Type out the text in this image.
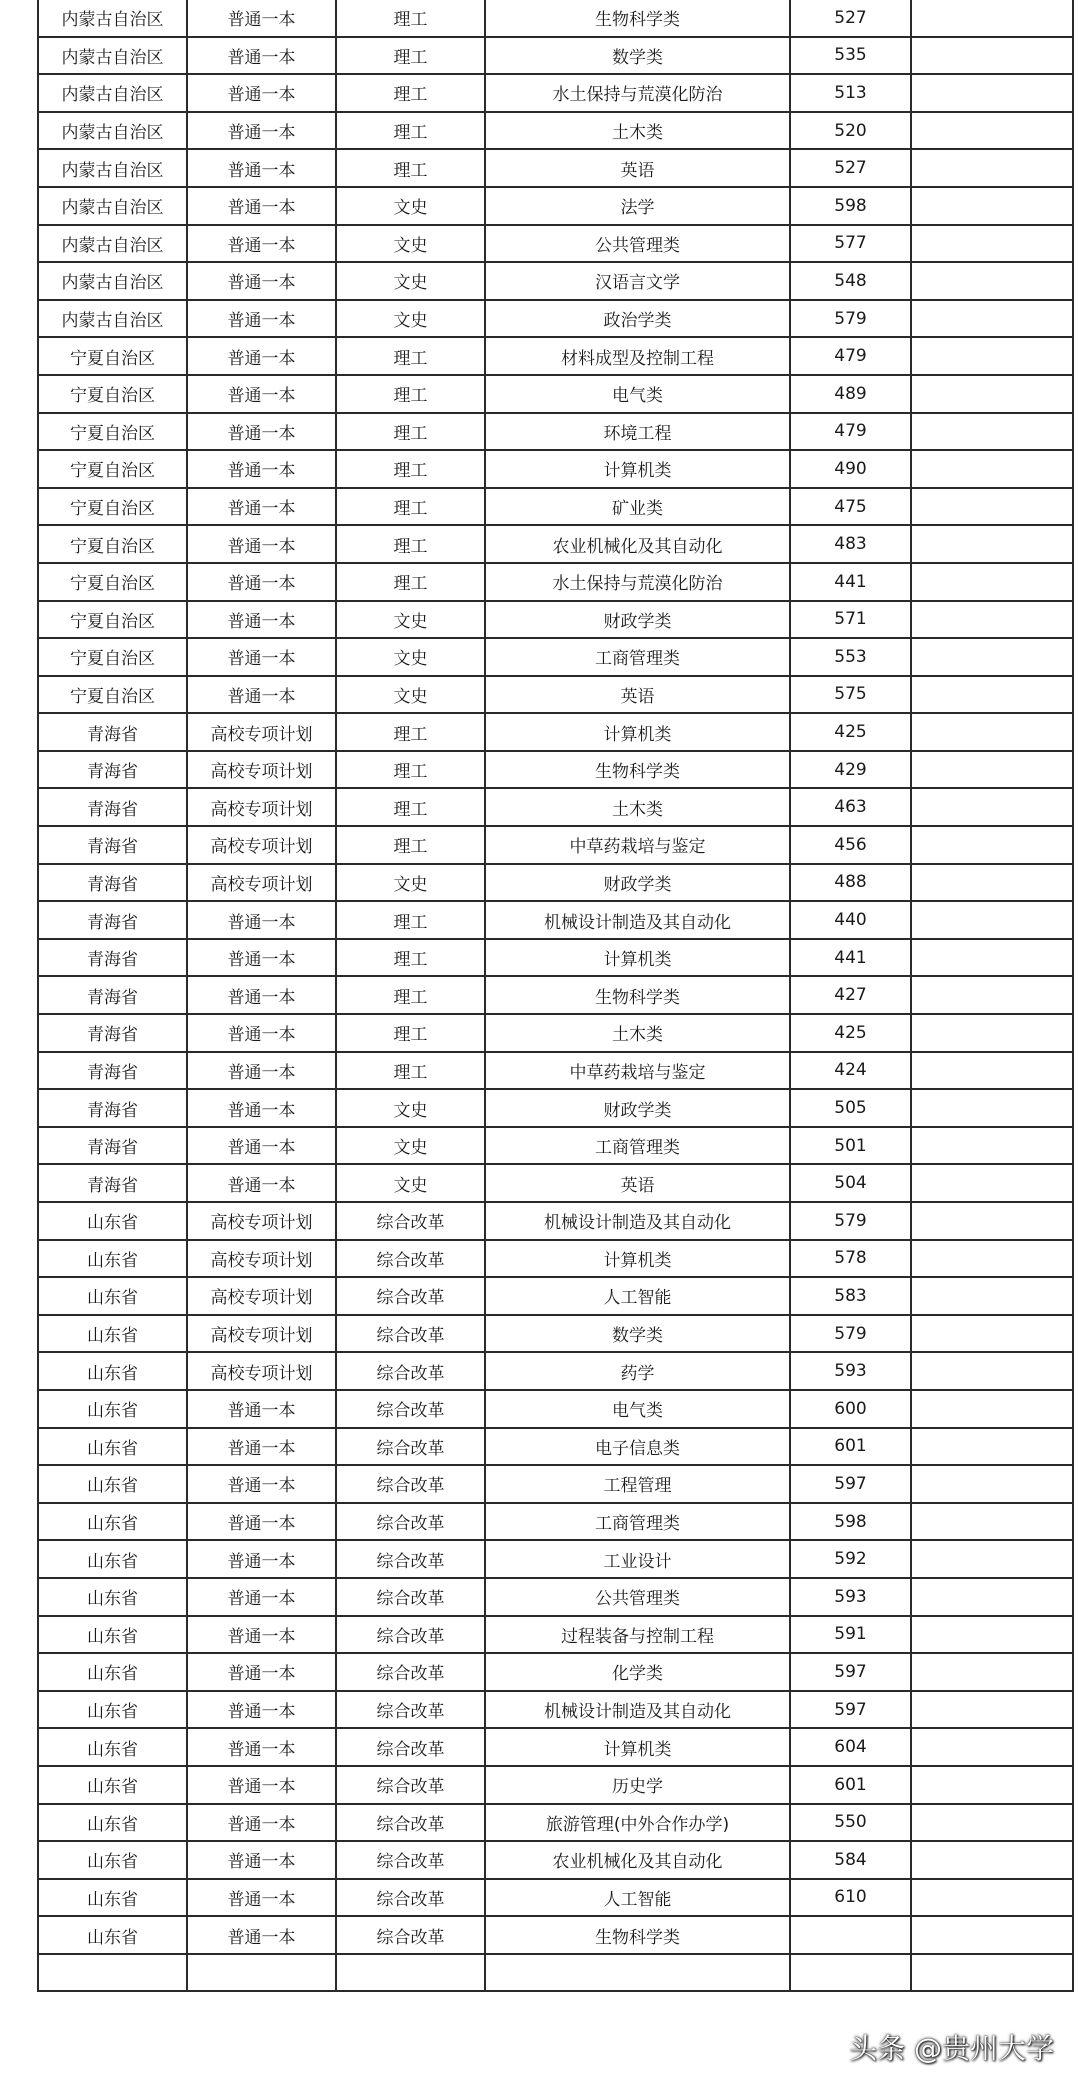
内蒙古自治区	普通一本	理工	生物科学类	527	
内蒙古自治区	普通一本	理工	数学类	535	
内蒙古自治区	普通一本	理工	水土保持与荒漠化防治	513	
内蒙古自治区	普通一本	理工	土木类	520	
内蒙古自治区	普通一本	理工	英语	527	
内蒙古自治区	普通一本	文史	法学	598	
内蒙古自治区	普通一本	文史	公共管理类	577	
内蒙古自治区	普通一本	文史	汉语言文学	548	
内蒙古自治区	普通一本	文史	政治学类	579	
宁夏自治区	普通一本	理工	材料成型及控制工程	479	
宁夏自治区	普通一本	理工	电气类	489	
宁夏自治区	普通一本	理工	环境工程	479	
宁夏自治区	普通一本	理工	计算机类	490	
宁夏自治区	普通一本	理工	矿业类	475	
宁夏自治区	普通一本	理工	农业机械化及其自动化	483	
宁夏自治区	普通一本	理工	水土保持与荒漠化防治	441	
宁夏自治区	普通一本	文史	财政学类	571	
宁夏自治区	普通一本	文史	工商管理类	553	
宁夏自治区	普通一本	文史	英语	575	
青海省	高校专项计划	理工	计算机类	425	
青海省	高校专项计划	理工	生物科学类	429	
青海省	高校专项计划	理工	土木类	463	
青海省	高校专项计划	理工	中草药栽培与鉴定	456	
青海省	高校专项计划	文史	财政学类	488	
青海省	普通一本	理工	机械设计制造及其自动化	440	
青海省	普通一本	理工	计算机类	441	
青海省	普通一本	理工	生物科学类	427	
青海省	普通一本	理工	土木类	425	
青海省	普通一本	理工	中草药栽培与鉴定	424	
青海省	普通一本	文史	财政学类	505	
青海省	普通一本	文史	工商管理类	501	
青海省	普通一本	文史	英语	504	
山东省	高校专项计划	综合改革	机械设计制造及其自动化	579	
山东省	高校专项计划	综合改革	计算机类	578	
山东省	高校专项计划	综合改革	人工智能	583	
山东省	高校专项计划	综合改革	数学类	579	
山东省	高校专项计划	综合改革	药学	593	
山东省	普通一本	综合改革	电气类	600	
山东省	普通一本	综合改革	电子信息类	601	
山东省	普通一本	综合改革	工程管理	597	
山东省	普通一本	综合改革	工商管理类	598	
山东省	普通一本	综合改革	工业设计	592	
山东省	普通一本	综合改革	公共管理类	593	
山东省	普通一本	综合改革	过程装备与控制工程	591	
山东省	普通一本	综合改革	化学类	597	
山东省	普通一本	综合改革	机械设计制造及其自动化	597	
山东省	普通一本	综合改革	计算机类	604	
山东省	普通一本	综合改革	历史学	601	
山东省	普通一本	综合改革	旅游管理(中外合作办学)	550	
山东省	普通一本	综合改革	农业机械化及其自动化	584	
山东省	普通一本	综合改革	人工智能	610	
山东省	普通一本	综合改革	生物科学类		

头条 @贵州大学
